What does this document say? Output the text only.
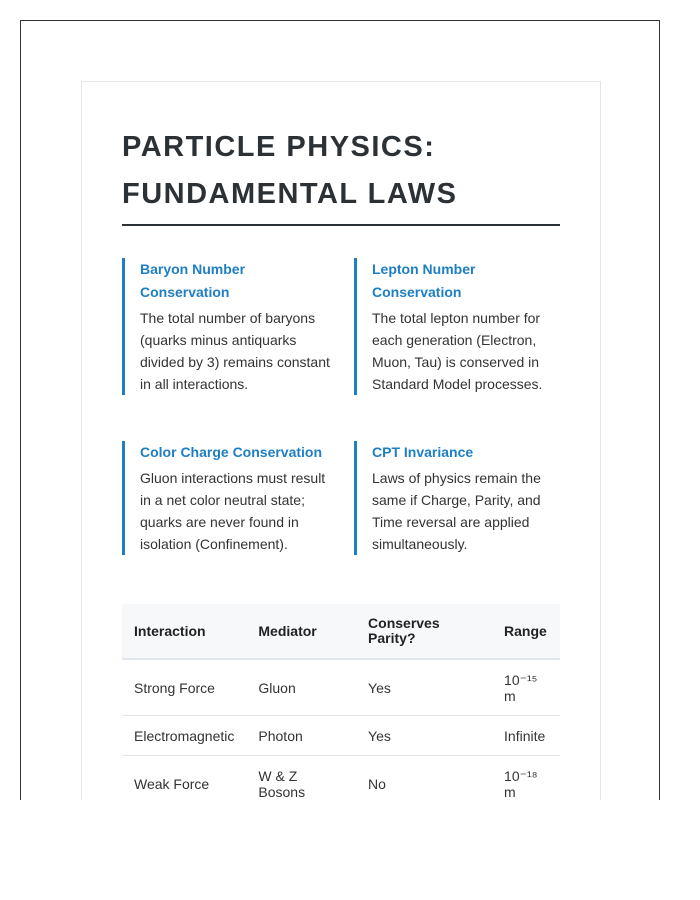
PARTICLE PHYSICS: FUNDAMENTAL LAWS

Baryon Number Conservation

The total number of baryons (quarks minus antiquarks divided by 3) remains constant in all interactions.

Lepton Number Conservation

The total lepton number for each generation (Electron, Muon, Tau) is conserved in Standard Model processes.

Color Charge Conservation

Gluon interactions must result in a net color neutral state; quarks are never found in isolation (Confinement).

CPT Invariance

Laws of physics remain the same if Charge, Parity, and Time reversal are applied simultaneously.

Interaction	Mediator	Conserves Parity?	Range
Strong Force	Gluon	Yes	10⁻¹⁵ m
Electromagnetic	Photon	Yes	Infinite
Weak Force	W & Z Bosons	No	10⁻¹⁸ m
